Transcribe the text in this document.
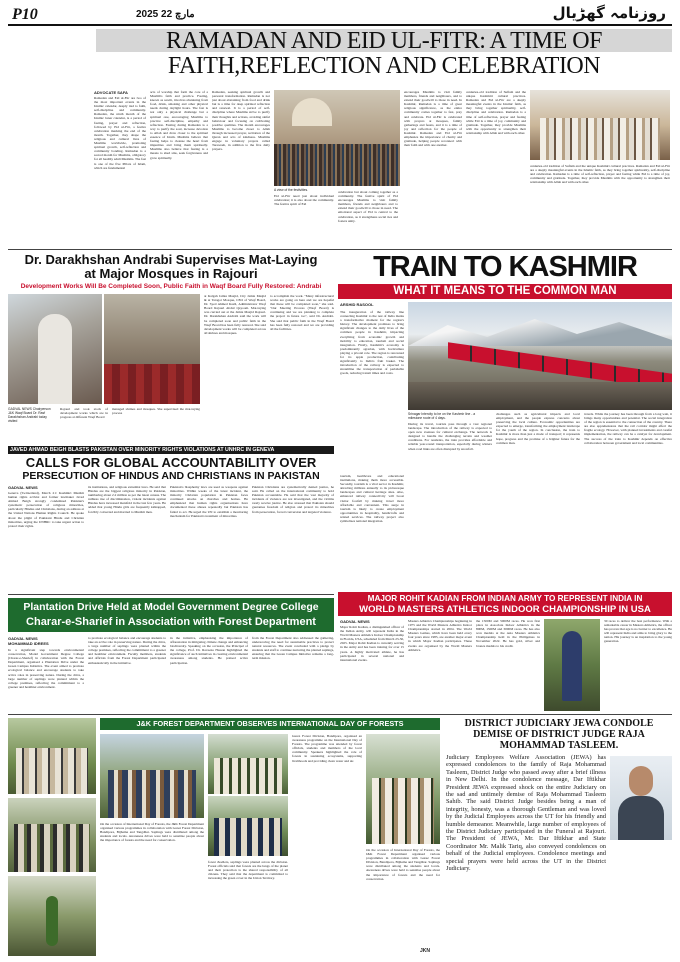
P10	2025 22 مارچ	روزنامہ گھڑیال
RAMADAN AND EID UL-FITR: A TIME OF
FAITH,REFLECTION AND CELEBRATION
ADVOCATE SAFA
Ramadan and Eid ul-Fitr are two of the most important events in the Islamic calendar, deeply tied to faith, self-discipline and community. Ramadan, the ninth month of the Islamic lunar calendar, is a period of fasting, prayer and reflection, followed by Eid ul-Fitr, a festive celebration marking the end of the month. Together, they shape the religious and cultural lives of Muslims worldwide, promoting spiritual growth, self-reflection and community bonding. Ramadan is a sacred month for Muslims, obligatory for all healthy adult Muslims. The fast is one of the five Pillars of Islam, which are fundamental
acts of worship that form the core of a Muslim's faith and practice. Fasting, known as sawm, involves abstaining from food, drink, smoking and other physical needs during daylight hours. The fast is not only a physical challenge but a spiritual one, encouraging Muslims to practice self-discipline, empathy and reflection. Fasting during Ramadan is a way to purify the soul, increase devotion to Allah and draw closer to the spiritual essence of Islam. Muslims believe that fasting helps to cleanse the heart from impurities and bring them spiritually. Muslims also believe that fasting is a means to shed sins, seek forgiveness and grow spiritually.
Ramadan, seeking spiritual growth and personal transformation. Ramadan is not just about abstaining from food and drink but is a time for deep spiritual reflection and renewal. It is a period of self-discipline where Muslims strive to purify their thoughts and actions, avoiding sinful behaviour and focusing on cultivating positive qualities. The month encourages Muslims to become closer to Allah through increased prayer, recitation of the Quran and acts of kindness. Muslims engage in voluntary prayers called Taraweeh, in addition to the five daily prayers.
celebration but about coming together as a community. The festive spirit of Eid encourages Muslims to visit family members, friends and neighbours and to extend their goodwill to those in need. The emotional aspect of Eid is central to the celebration, as it strengthens social ties and fosters unity.
encourages Muslims to visit family members, friends and neighbours, and to extend their goodwill to those in need. In Kashmir, Ramadan is a time of great religious significance, as the entire community comes together to fast, pray and celebrate. Eid ul-Fitr is celebrated with prayers at mosques, family gatherings and feasts, and it is a time of joy and reflection for the people of Kashmir. Ramadan and Eid ul-Fitr emphasize the importance of charity and gratitude, helping people reconnect with their faith and with one another.
centuries-old tradition of Sufism and the unique Kashmiri cultural practices. Ramadan and Eid ul-Fitr are a deeply meaningful events in the Islamic faith, as they bring together spirituality, self-discipline and celebration. Ramadan is a time of self-reflection, prayer and fasting while Eid is a time of joy, community and gratitude. Together, they provide Muslims with the opportunity to strengthen their relationship with Allah and with each other.
A view of the festivities.
Eid ul-Fitr need just about individual celebration; it is also about the community. The festive spirit of Eid
centuries-old tradition of Sufism and the unique Kashmiri cultural practices. Ramadan and Eid ul-Fitr are a deeply meaningful events in the Islamic faith, as they bring together spirituality, self-discipline and celebration. Ramadan is a time of self-reflection, prayer and fasting while Eid is a time of joy, community and gratitude. Together, they provide Muslims with the opportunity to strengthen their relationship with Allah and with each other.
Dr. Darakhshan Andrabi Supervises Mat-Laying
at Major Mosques in Rajouri
Development Works Will Be Completed Soon, Public Faith in Waqf Board Fully Restored: Andrabi
at Kalgah Jamia Masjid, City Jamia Masjid & at Taragot Mosque, CEO of Waqf Board, Dr. Syed Ahmed Kazil, Administrator Waqf Board Rajouri Abdul Qayoom. Mat-laying was carried out at the Jamia Masjid Rajouri. Dr. Darakhshan Andrabi said the work will be completed soon and public faith in the Waqf Board has been fully restored. She said development works will be completed across all shrines and mosques.
to accomplish the work. "Many infrastructural works are going on here and we are hopeful that these will be completed soon," she said. "Our Meeting Process (Waqf Board) is continuing and we are planning to complete the project in future too", said Dr. Andrabi. She said that public faith in the Waqf Board has been fully restored and we are providing all the facilities.
GADVAL NEWS Chairperson J&K Waqf Board Dr. Rasf Darakhshan Andrabi today visited
Rajouri and took stock of development works which are in progress at different Waqf Board
managed shrines and mosques. She supervised the mat-laying process
JAVED AHMAD BEIGH BLASTS PAKISTAN OVER MINORITY RIGHTS VIOLATIONS AT UNHRC IN GENEVA
CALLS FOR GLOBAL ACCOUNTABILITY OVER
PERSECUTION OF HINDUS AND CHRISTIANS IN PAKISTAN
GADVAL NEWS
Geneva (Switzerland), March 21: Kashmiri Muslim human rights activist and former lawmaker Javed Ahmad Beigh strongly condemned Pakistan's systematic persecution of religious minorities, particularly Hindus and Christians, during an address at the United Nations Human Rights Council. He spoke about the plight of Pakistani Hindu and Christian minorities, urging the UNHRC to take urgent action to protect their rights.
its institutions, and religious extremist laws. He said that Hindus are the biggest religious minority in Pakistan, numbering about 2.2 million as per the latest census. The ruthless rise of discrimination, violent incidents against Hindus have increased manifold in the last few years. He added that young Hindu girls are frequently kidnapped, forcibly converted and married to Muslim men.
Pakistan's blasphemy laws are used as weapons against minorities. Within weeks of the latest incident, the minority Christian population in Pakistan faces continued attacks on churches and homes. He emphasized that human rights organisations have documented these abuses repeatedly but Pakistan has failed to act. He urged the UN to establish a monitoring mechanism for Pakistan's treatment of minorities.
Pakistan Christians are systematically denied justice, he said. He called on the international community to hold Pakistan accountable. He said that the vast majority of incidents of violence are not investigated, and the victims rarely receive justice. He also stressed that Pakistan should guarantee freedom of religion and protect its minorities from persecution, forced conversion and targeted violence.
TRAIN TO KASHMIR
WHAT IT MEANS TO THE COMMON MAN
ARSHID RASOOL
The inauguration of the railway line connecting Kashmir to the rest of India marks a transformative moment for the region's history. The development promises to bring significant changes to the daily lives of the common people in Kashmir, impacting everything from economic growth and mobility to education, tourism and social integration. Firstly, Kashmir's economy is predominantly agrarian, with horticulture playing a pivotal role. The region is renowned for its apple production, contributing significantly to India's fruit basket. The introduction of the railway is expected to streamline the transportation of perishable goods, reducing transit times and costs.
tourism, healthcare and educational institutions, making them more accessible. Secondly, tourism is a vital sector in Kashmir, attracting millions annually to its picturesque landscapes and cultural heritage sites. Also, enhanced railway connectivity will boost visitor footfall by making travel more affordable and convenient. This surge in tourism is likely to create employment opportunities in hospitality, handicrafts and related services. The railway project also symbolises national integration.
Srinagar Intercity to be on the Kashmir line - a milestone route of 4 days.
During its travel, tourists pass through a vast regional landscape. The introduction of the railway is expected to open new avenues for cultural exchange. The network is designed to handle the challenging terrain and weather conditions. For residents, the train provides affordable and reliable year-round transportation, especially during winters when road links are often disrupted by snowfall.
challenges such as agricultural impacts and local employment, and the people express concerns about preserving the local culture. Economic opportunities are expected to emerge, transforming the employment landscape for the youth of the region. In conclusion, the train to Kashmir is more than just a mode of transport; it represents hope, progress and the promise of a brighter future for the common man.
travels. While the journey has been through from a long wait, it brings many opportunities and potential. The social integration of the region is essential to the connection of the country. There are also apprehensions that the rail corridor might affect the fragile ecology. However, with planned investments and careful implementation, the railway can be a catalyst for development. The success of the train to Kashmir depends on effective collaboration between government and local communities.
MAJOR ROHIT KADIAN FROM INDIAN ARMY TO REPRESENT INDIA IN
WORLD MASTERS ATHLETICS INDOOR CHAMPIONSHIP IN USA
GADVAL NEWS
Major Rohit Kadian, a distinguished officer of the Indian Army, will represent India in the World Masters Athletics Indoor Championship in Florida, USA, scheduled from March 23-30, 2025. Major Rohit Kadian is currently serving in the Army and has been training for over 15 years. A highly motivated athlete, he has participated in several national and international events.
Masters Athletics Championships beginning in 1975 and the World Masters Athletics Indoor Championships started in 2004. The World Masters Games, which have been held every four years since 1985, are another major event in which Major Kadian participates. These events are organised by the World Masters Athletics.
the 1500M and 5000M races. He won first place in Associate Indoor Athletics in the 800M, 1500M and 3000M races. He has also won medals at the Asia Masters Athletics Championship held in the Philippines in November 2022. He has gold, silver and bronze medals to his credit.
30 races to deliver the best performance. With a remarkable career in Masters Athletics, the officer has proven that age is no barrier to excellence. He will represent India and aims to bring glory to the nation. His journey is an inspiration to the young generation.
Plantation Drive Held at Model Government Degree College
Charar-e-Sharief in Association with Forest Department
GADVAL NEWS
MOHAMMAD IDREES
In a significant step towards environmental conservation, Model Government Degree College (Charar-e-Sharief) in collaboration with the Forest Department, organised a Plantation Drive under the Green Campus Initiative. The event aimed to promote ecological balance and encourage students to take active roles in preserving nature. During the drive, a large number of saplings were planted within the college premises, reflecting the commitment to a greener and healthier environment.
to promote ecological balance and encourage students to take an active role in preserving nature. During the drive, a large number of saplings were planted within the college premises, reflecting the commitment to a greener and healthier environment. Faculty members, students and officials from the Forest Department participated enthusiastically in the initiative.
in the initiative, emphasising the importance of afforestation in mitigating climate change and enhancing biodiversity. Speaking on the occasion, the Principal of the college, Prof. Dr. Raveena Hassan highlighted the significance of such initiatives in creating environmental awareness among students. He praised active participation.
from the Forest Department also addressed the gathering, underscoring the need for sustainable practices to protect natural resources. The event concluded with a pledge by students and staff to continue nurturing the planted saplings, ensuring that the Green Campus Initiative remains a long-term mission.
J&K FOREST DEPARTMENT OBSERVES INTERNATIONAL DAY OF FORESTS
On the occasion of International Day of Forests, the J&K Forest Department organised various programmes in collaboration with Gurez Forest Division, Bandipora, Bijhama and Tangdhar. Saplings were distributed among the students and locals. Awareness drives were held to sensitise people about the importance of forests and the need for conservation.
forest dwellers, saplings were planted across the division. Forest officials said that forests are the lungs of the planet and their protection is the shared responsibility of all citizens. They said that the department is committed to increasing the green cover in the Union Territory.
Gurez Forest Division, Bandipora, organised an awareness programme on the International Day of Forests. The programme was attended by forest officials, students and members of the local community. Speakers highlighted the role of forests in sustaining ecosystems, supporting livelihoods and providing clean water and air.
On the occasion of International Day of Forests, the J&K Forest Department organised various programmes in collaboration with Gurez Forest Division, Bandipora, Bijhama and Tangdhar. Saplings were distributed among the students and locals. Awareness drives were held to sensitise people about the importance of forests and the need for conservation.
JKN
DISTRICT JUDICIARY JEWA CONDOLE
DEMISE OF DISTRICT JUDGE RAJA
MOHAMMAD TASLEEM.
Judiciary Employees Welfare Association (JEWA) has expressed condolences to the family of Raja Mohammad Tasleem, District Judge who passed away after a brief illness in New Delhi. In the condolence message, Dar Iftikhar President JEWA expressed shock on the entire Judiciary on the sad and untimely demise of Raja Mohammad Tasleem Sahib. The said District Judge besides being a man of integrity, honesty, was a thorough Gentleman and was loved by the Judicial Employees across the UT for his friendly and humble demeanor. Meanwhile, large number of employees of the District Judiciary participated in the Funeral at Rajouri. The President of JEWA, Mr. Dar Iftikhar and State Coordinator Mr. Malik Tariq, also conveyed condolences on behalf of the Judicial employees. Condolence meetings and special prayers were held across the UT in the District Judiciary.
